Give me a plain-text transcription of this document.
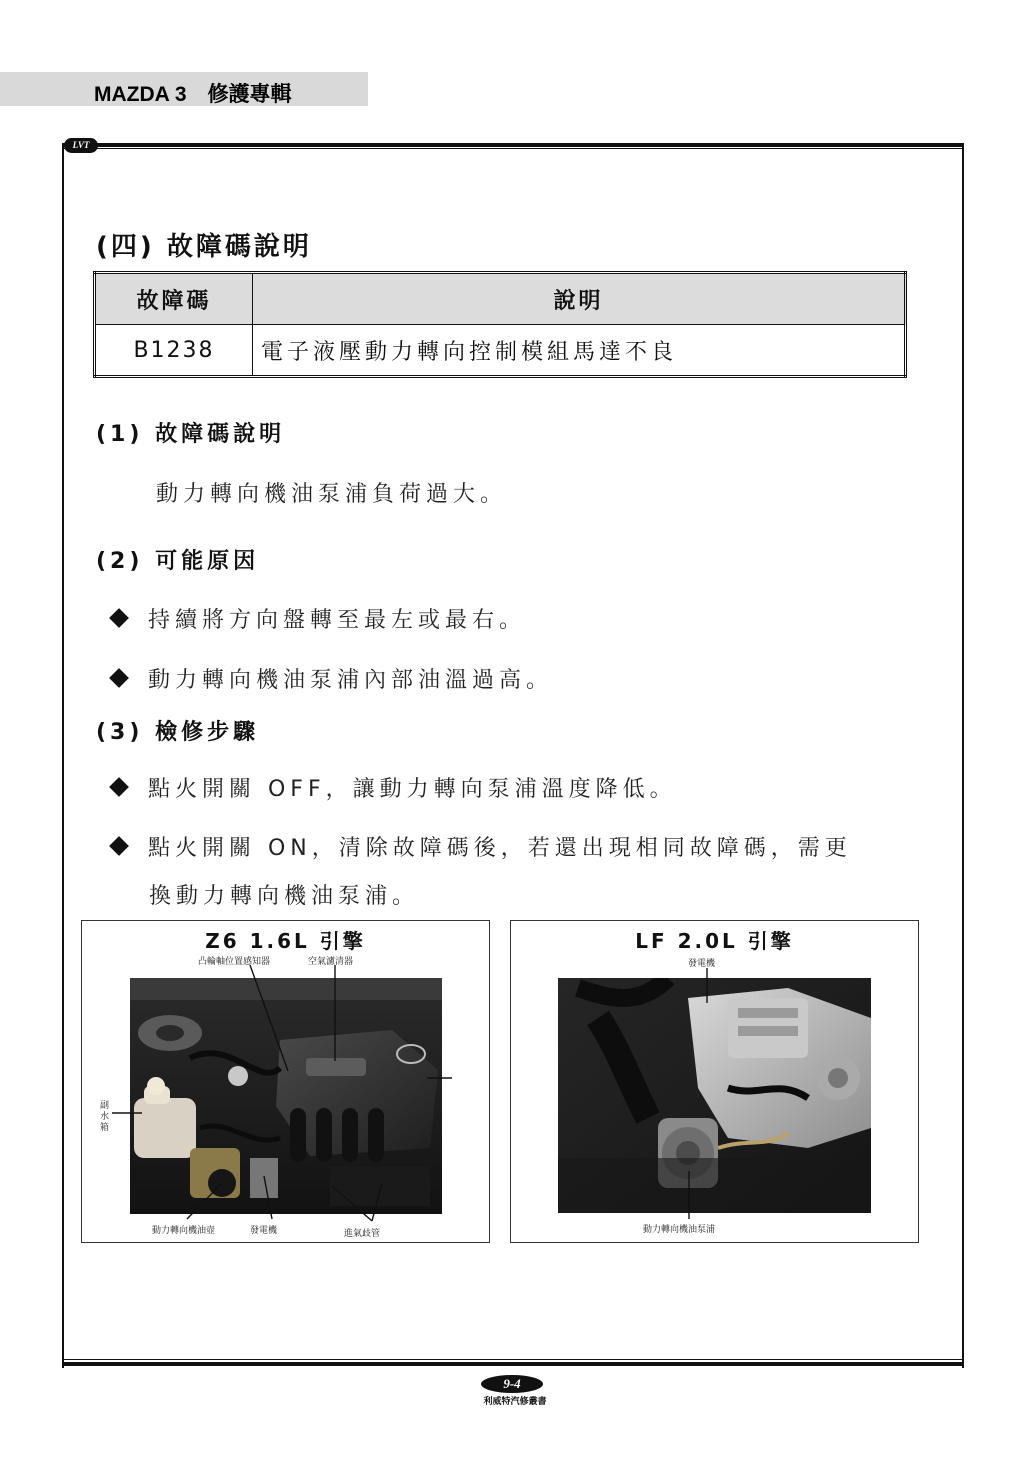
MAZDA 3　修護專輯
LVT
(四) 故障碼說明
故障碼	說明
B1238	電子液壓動力轉向控制模組馬達不良
(1) 故障碼說明
動力轉向機油泵浦負荷過大。
(2) 可能原因
持續將方向盤轉至最左或最右。
動力轉向機油泵浦內部油溫過高。
(3) 檢修步驟
點火開關 OFF，讓動力轉向泵浦溫度降低。
點火開關 ON，清除故障碼後，若還出現相同故障碼，需更
換動力轉向機油泵浦。
Z6 1.6L 引擎
凸輪軸位置感知器	空氣濾清器
副水箱
動力轉向機油壺	發電機	進氣歧管
LF 2.0L 引擎
發電機
動力轉向機油泵浦
9-4
利威特汽修叢書
